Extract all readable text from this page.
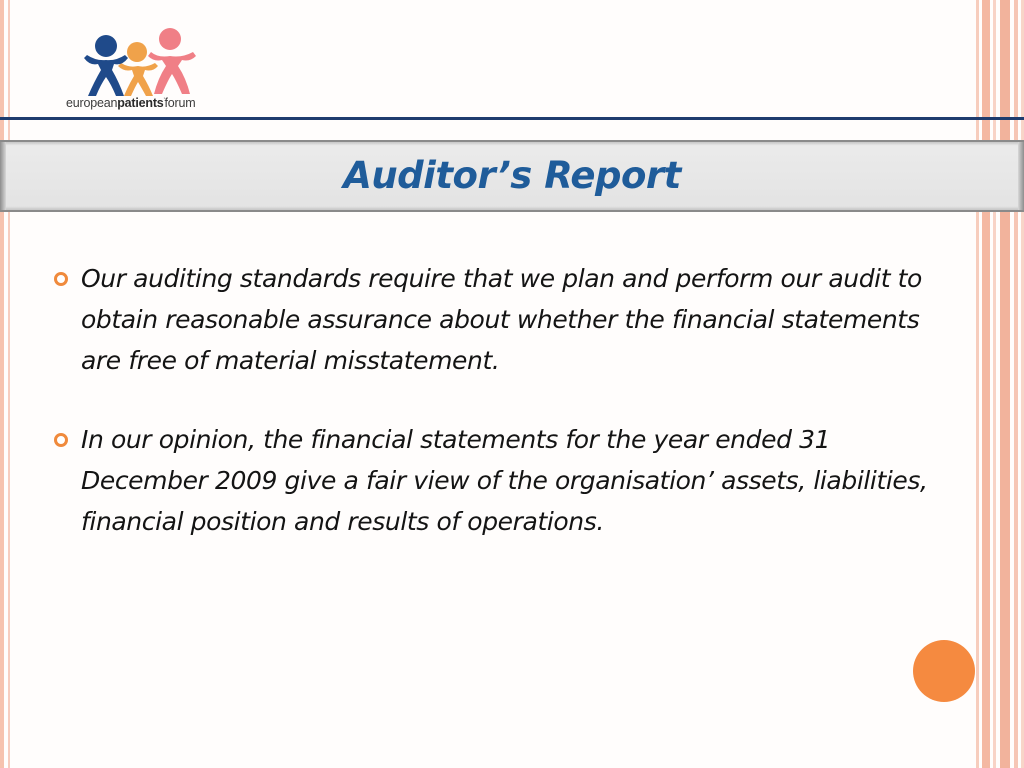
europeanpatients'forum
Auditor’s Report
Our auditing standards require that we plan and perform our audit to obtain reasonable assurance about whether the financial statements are free of material misstatement.
In our opinion, the financial statements for the year ended 31 December 2009 give a fair view of the organisation’ assets, liabilities, financial position and results of operations.
